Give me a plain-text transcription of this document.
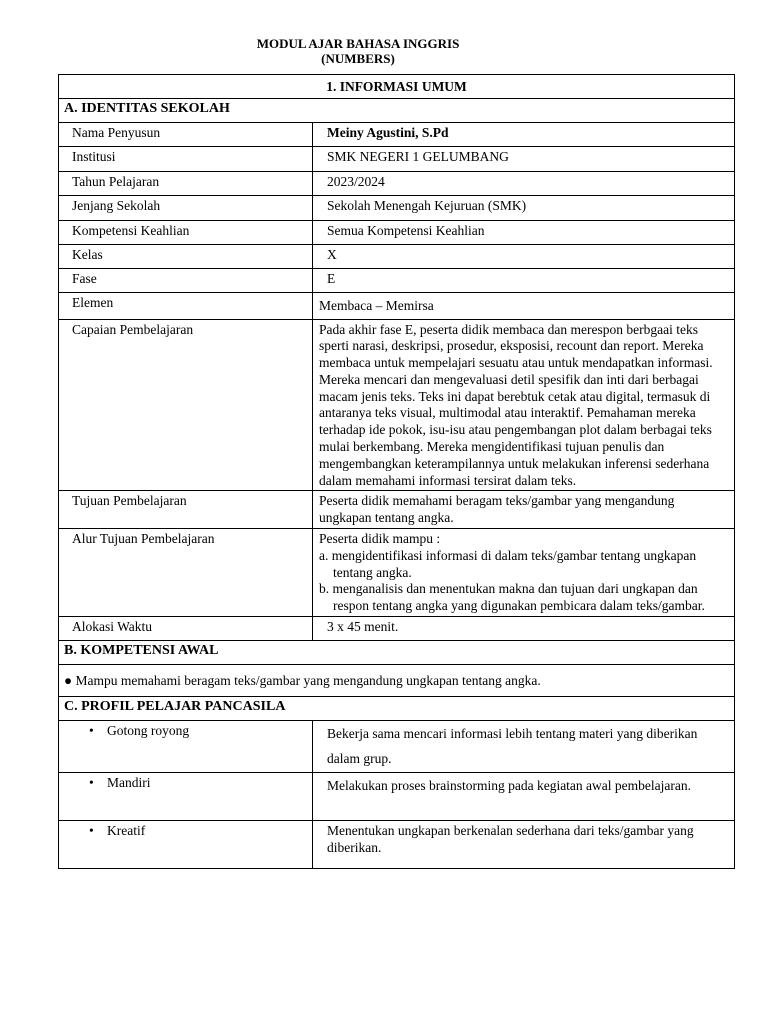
MODUL AJAR BAHASA INGGRIS
(NUMBERS)
1. INFORMASI UMUM	
A. IDENTITAS SEKOLAH	
Nama Penyusun	Meiny Agustini, S.Pd
Institusi	SMK NEGERI 1 GELUMBANG
Tahun Pelajaran	2023/2024
Jenjang Sekolah	Sekolah Menengah Kejuruan (SMK)
Kompetensi Keahlian	Semua Kompetensi Keahlian
Kelas	X
Fase	E
Elemen	Membaca – Memirsa
Capaian Pembelajaran	Pada akhir fase E, peserta didik membaca dan merespon berbgaai teks sperti narasi, deskripsi, prosedur, eksposisi, recount dan report. Mereka membaca untuk mempelajari sesuatu atau untuk mendapatkan informasi. Mereka mencari dan mengevaluasi detil spesifik dan inti dari berbagai macam jenis teks. Teks ini dapat berebtuk cetak atau digital, termasuk di antaranya teks visual, multimodal atau interaktif. Pemahaman mereka terhadap ide pokok, isu-isu atau pengembangan plot dalam berbagai teks mulai berkembang. Mereka mengidentifikasi tujuan penulis dan mengembangkan keterampilannya untuk melakukan inferensi sederhana dalam memahami informasi tersirat dalam teks.
Tujuan Pembelajaran	Peserta didik memahami beragam teks/gambar yang mengandung ungkapan tentang angka.
Alur Tujuan Pembelajaran	Peserta didik mampu :
a. mengidentifikasi informasi di dalam teks/gambar tentang ungkapan tentang angka.
b. menganalisis dan menentukan makna dan tujuan dari ungkapan dan respon tentang angka yang digunakan pembicara dalam teks/gambar.

Alokasi Waktu	3 x 45 menit.
B. KOMPETENSI AWAL	
● Mampu memahami beragam teks/gambar yang mengandung ungkapan tentang angka.	
C. PROFIL PELAJAR PANCASILA	
• Gotong royong	Bekerja sama mencari informasi lebih tentang materi yang diberikan dalam grup.
• Mandiri	Melakukan proses brainstorming pada kegiatan awal pembelajaran.
• Kreatif	Menentukan ungkapan berkenalan sederhana dari teks/gambar yang diberikan.
